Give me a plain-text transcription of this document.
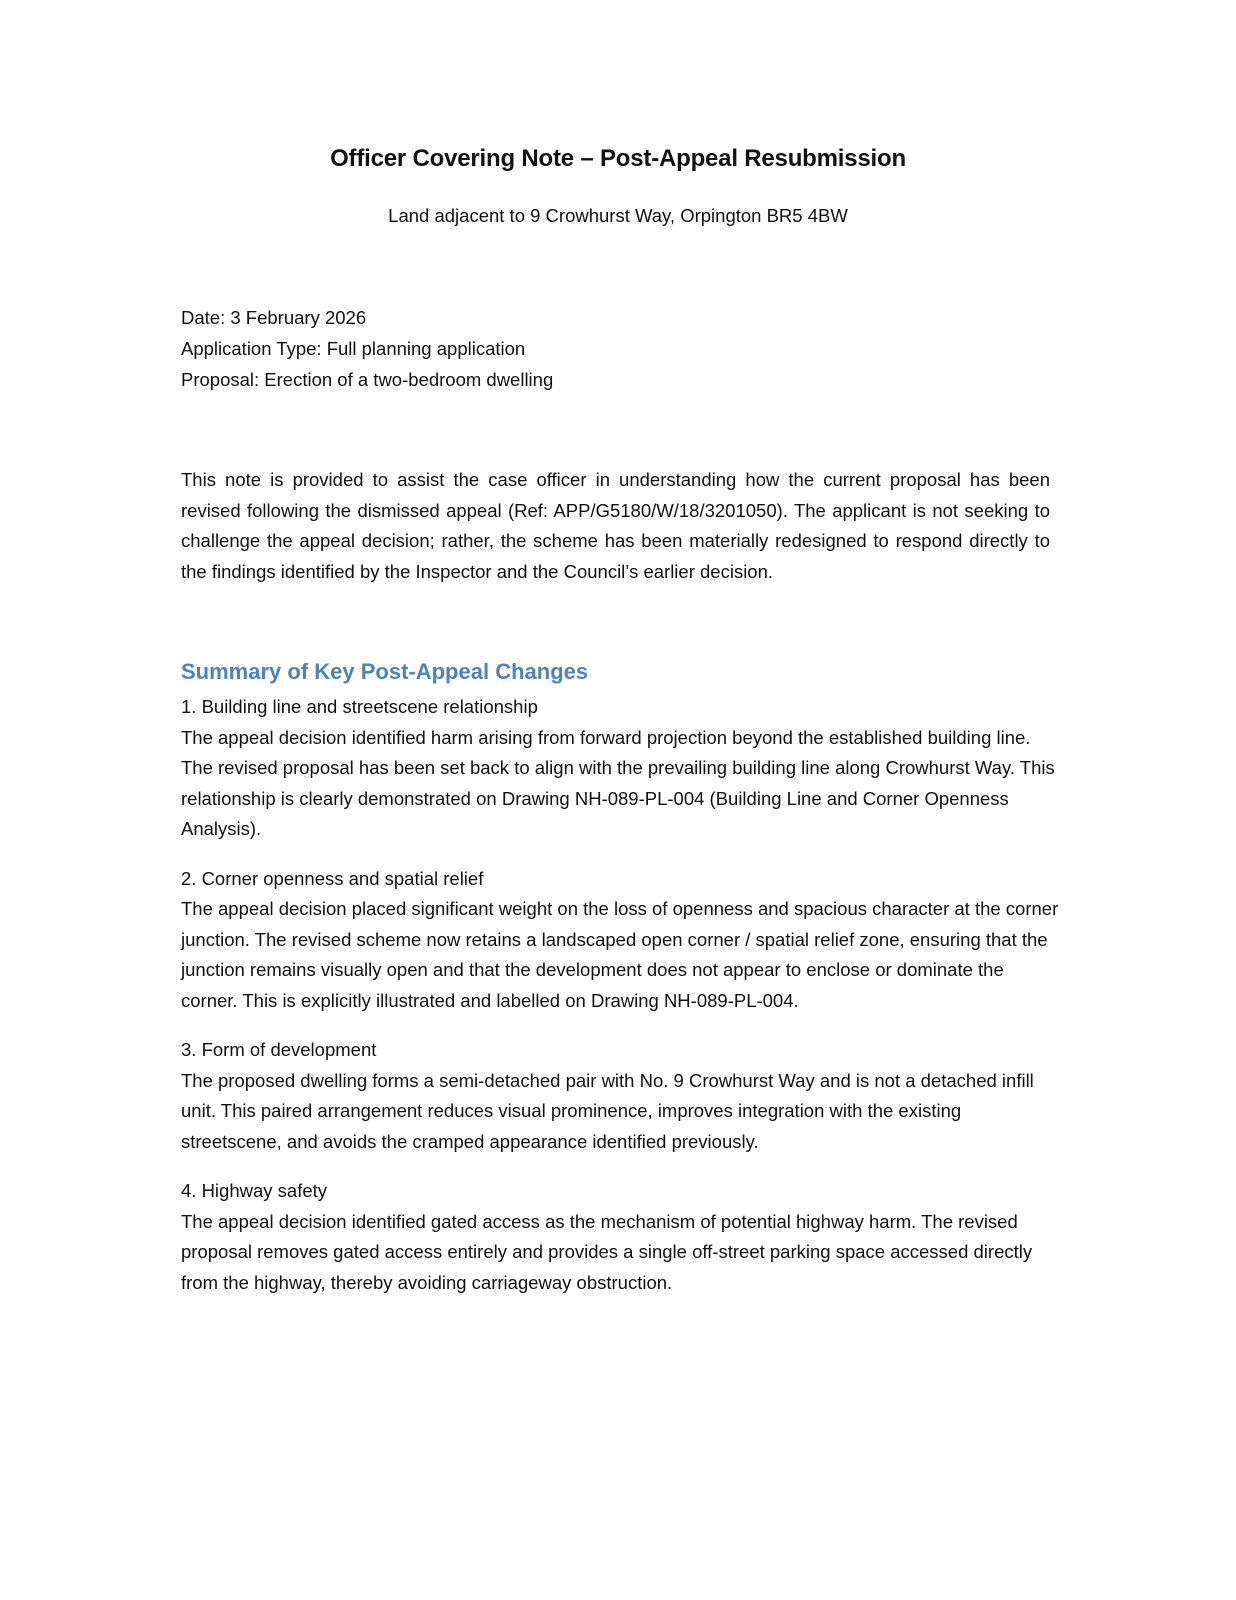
Officer Covering Note – Post-Appeal Resubmission
Land adjacent to 9 Crowhurst Way, Orpington BR5 4BW
Date: 3 February 2026
Application Type: Full planning application
Proposal: Erection of a two-bedroom dwelling

This note is provided to assist the case officer in understanding how the current proposal has been revised following the dismissed appeal (Ref: APP/G5180/W/18/3201050). The applicant is not seeking to challenge the appeal decision; rather, the scheme has been materially redesigned to respond directly to the findings identified by the Inspector and the Council’s earlier decision.

Summary of Key Post-Appeal Changes
1. Building line and streetscene relationship

The appeal decision identified harm arising from forward projection beyond the established building line. The revised proposal has been set back to align with the prevailing building line along Crowhurst Way. This relationship is clearly demonstrated on Drawing NH-089-PL-004 (Building Line and Corner Openness Analysis).

2. Corner openness and spatial relief

The appeal decision placed significant weight on the loss of openness and spacious character at the corner junction. The revised scheme now retains a landscaped open corner / spatial relief zone, ensuring that the junction remains visually open and that the development does not appear to enclose or dominate the corner. This is explicitly illustrated and labelled on Drawing NH-089-PL-004.

3. Form of development

The proposed dwelling forms a semi-detached pair with No. 9 Crowhurst Way and is not a detached infill unit. This paired arrangement reduces visual prominence, improves integration with the existing streetscene, and avoids the cramped appearance identified previously.

4. Highway safety

The appeal decision identified gated access as the mechanism of potential highway harm. The revised proposal removes gated access entirely and provides a single off-street parking space accessed directly from the highway, thereby avoiding carriageway obstruction.
